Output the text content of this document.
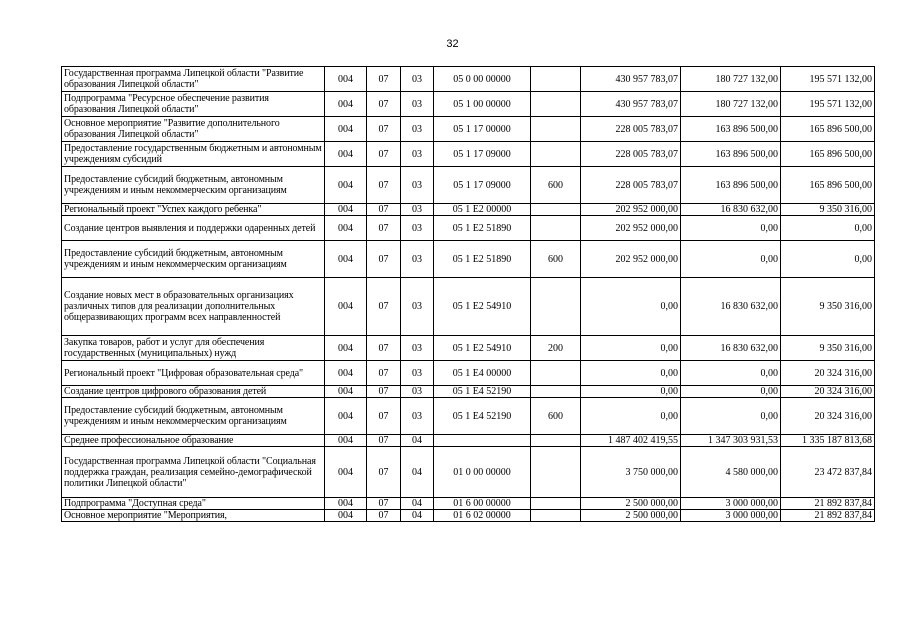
32
Государственная программа Липецкой области "Развитие образования Липецкой области"	004	07	03	05 0 00 00000		430 957 783,07	180 727 132,00	195 571 132,00
Подпрограмма "Ресурсное обеспечение развития образования Липецкой области"	004	07	03	05 1 00 00000		430 957 783,07	180 727 132,00	195 571 132,00
Основное мероприятие "Развитие дополнительного образования Липецкой области"	004	07	03	05 1 17 00000		228 005 783,07	163 896 500,00	165 896 500,00
Предоставление государственным бюджетным и автономным учреждениям субсидий	004	07	03	05 1 17 09000		228 005 783,07	163 896 500,00	165 896 500,00
Предоставление субсидий бюджетным, автономным учреждениям и иным некоммерческим организациям	004	07	03	05 1 17 09000	600	228 005 783,07	163 896 500,00	165 896 500,00
Региональный проект "Успех каждого ребенка"	004	07	03	05 1 E2 00000		202 952 000,00	16 830 632,00	9 350 316,00
Создание центров выявления и поддержки одаренных детей	004	07	03	05 1 E2 51890		202 952 000,00	0,00	0,00
Предоставление субсидий бюджетным, автономным учреждениям и иным некоммерческим организациям	004	07	03	05 1 E2 51890	600	202 952 000,00	0,00	0,00
Создание новых мест в образовательных организациях различных типов для реализации дополнительных общеразвивающих программ всех направленностей	004	07	03	05 1 E2 54910		0,00	16 830 632,00	9 350 316,00
Закупка товаров, работ и услуг для обеспечения государственных (муниципальных) нужд	004	07	03	05 1 E2 54910	200	0,00	16 830 632,00	9 350 316,00
Региональный проект "Цифровая образовательная среда"	004	07	03	05 1 E4 00000		0,00	0,00	20 324 316,00
Создание центров цифрового образования детей	004	07	03	05 1 E4 52190		0,00	0,00	20 324 316,00
Предоставление субсидий бюджетным, автономным учреждениям и иным некоммерческим организациям	004	07	03	05 1 E4 52190	600	0,00	0,00	20 324 316,00
Среднее профессиональное образование	004	07	04			1 487 402 419,55	1 347 303 931,53	1 335 187 813,68
Государственная программа Липецкой области "Социальная поддержка граждан, реализация семейно-демографической политики Липецкой области"	004	07	04	01 0 00 00000		3 750 000,00	4 580 000,00	23 472 837,84
Подпрограмма "Доступная среда"	004	07	04	01 6 00 00000		2 500 000,00	3 000 000,00	21 892 837,84
Основное мероприятие "Мероприятия,	004	07	04	01 6 02 00000		2 500 000,00	3 000 000,00	21 892 837,84
